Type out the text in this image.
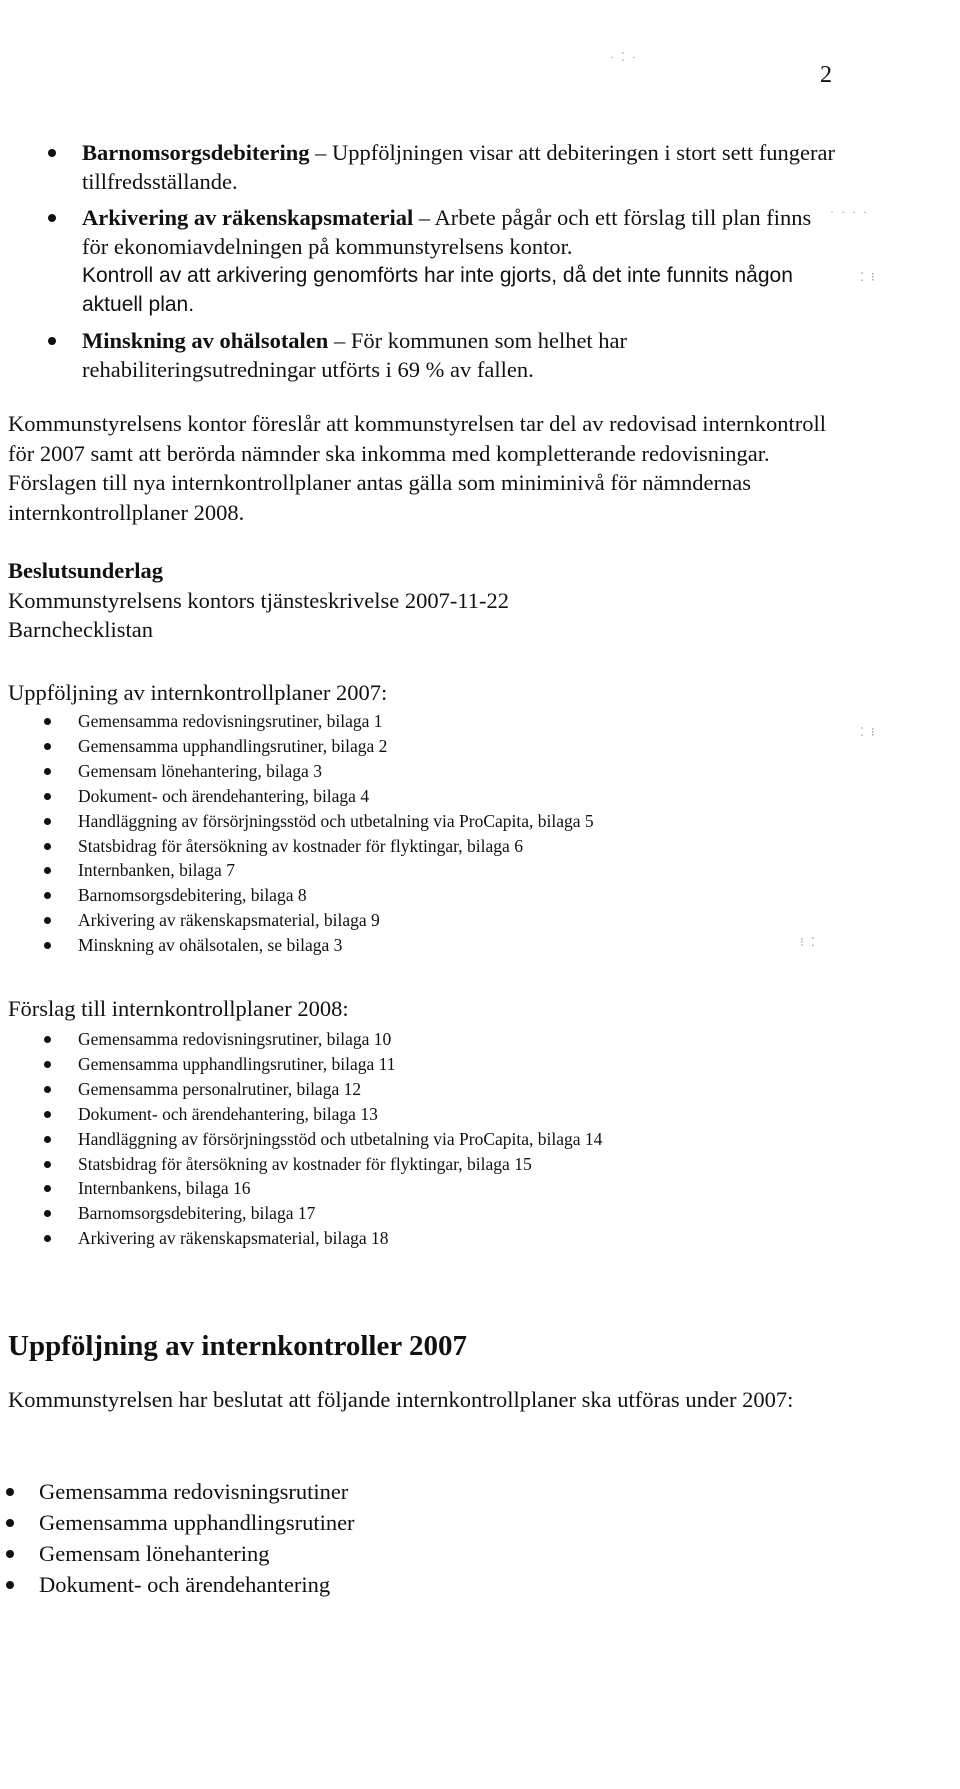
2
· ⁚ ·
· · · ·
⁚ ⁝
⁚ ⁝
⁝ ⁚
Barnomsorgsdebitering – Uppföljningen visar att debiteringen i stort sett fungerar tillfredsställande.
Arkivering av räkenskapsmaterial – Arbete pågår och ett förslag till plan finns för ekonomiavdelningen på kommunstyrelsens kontor.
Kontroll av att arkivering genomförts har inte gjorts, då det inte funnits någon aktuell plan.
Minskning av ohälsotalen – För kommunen som helhet har rehabiliteringsutredningar utförts i 69 % av fallen.

Kommunstyrelsens kontor föreslår att kommunstyrelsen tar del av redovisad internkontroll för 2007 samt att berörda nämnder ska inkomma med kompletterande redovisningar. Förslagen till nya internkontrollplaner antas gälla som miniminivå för nämndernas internkontrollplaner 2008.

Beslutsunderlag
Kommunstyrelsens kontors tjänsteskrivelse 2007-11-22
Barnchecklistan
Uppföljning av internkontrollplaner 2007:
Gemensamma redovisningsrutiner, bilaga 1
Gemensamma upphandlingsrutiner, bilaga 2
Gemensam lönehantering, bilaga 3
Dokument- och ärendehantering, bilaga 4
Handläggning av försörjningsstöd och utbetalning via ProCapita, bilaga 5
Statsbidrag för återsökning av kostnader för flyktingar, bilaga 6
Internbanken, bilaga 7
Barnomsorgsdebitering, bilaga 8
Arkivering av räkenskapsmaterial, bilaga 9
Minskning av ohälsotalen, se bilaga 3
Förslag till internkontrollplaner 2008:
Gemensamma redovisningsrutiner, bilaga 10
Gemensamma upphandlingsrutiner, bilaga 11
Gemensamma personalrutiner, bilaga 12
Dokument- och ärendehantering, bilaga 13
Handläggning av försörjningsstöd och utbetalning via ProCapita, bilaga 14
Statsbidrag för återsökning av kostnader för flyktingar, bilaga 15
Internbankens, bilaga 16
Barnomsorgsdebitering, bilaga 17
Arkivering av räkenskapsmaterial, bilaga 18
Uppföljning av internkontroller 2007

Kommunstyrelsen har beslutat att följande internkontrollplaner ska utföras under 2007:

Gemensamma redovisningsrutiner
Gemensamma upphandlingsrutiner
Gemensam lönehantering
Dokument- och ärendehantering
